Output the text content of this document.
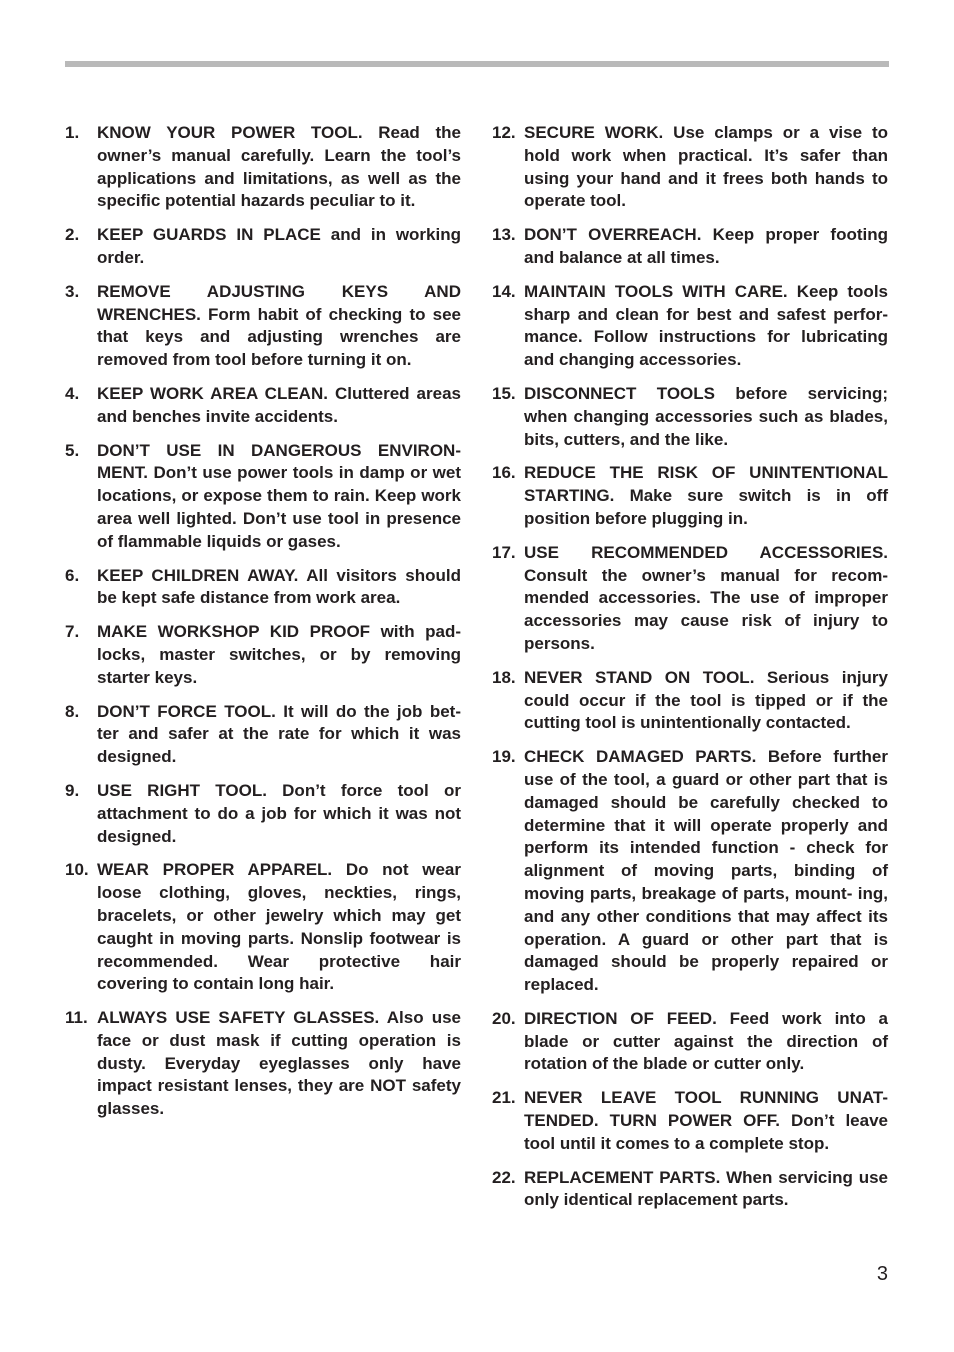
1.	KNOW YOUR POWER TOOL. Read the owner’s manual carefully. Learn the tool’s applications and limitations, as well as the specific potential hazards peculiar to it.
2.	KEEP GUARDS IN PLACE and in working order.
3.	REMOVE ADJUSTING KEYS AND WRENCHES. Form habit of checking to see that keys and adjusting wrenches are removed from tool before turning it on.
4.	KEEP WORK AREA CLEAN. Cluttered areas and benches invite accidents.
5.	DON’T USE IN DANGEROUS ENVIRON- MENT. Don’t use power tools in damp or wet locations, or expose them to rain. Keep work area well lighted. Don’t use tool in presence of flammable liquids or gases.
6.	KEEP CHILDREN AWAY. All visitors should be kept safe distance from work area.
7.	MAKE WORKSHOP KID PROOF with pad- locks, master switches, or by removing starter keys.
8.	DON’T FORCE TOOL. It will do the job bet- ter and safer at the rate for which it was designed.
9.	USE RIGHT TOOL. Don’t force tool or attachment to do a job for which it was not designed.
10. WEAR PROPER APPAREL. Do not wear loose clothing, gloves, neckties, rings, bracelets, or other jewelry which may get caught in moving parts. Nonslip footwear is recommended. Wear protective hair covering to contain long hair.
11. ALWAYS USE SAFETY GLASSES. Also use face or dust mask if cutting operation is dusty. Everyday eyeglasses only have impact resistant lenses, they are NOT safety glasses.
12. SECURE WORK. Use clamps or a vise to hold work when practical. It’s safer than using your hand and it frees both hands to operate tool.
13. DON’T OVERREACH. Keep proper footing and balance at all times.
14. MAINTAIN TOOLS WITH CARE. Keep tools sharp and clean for best and safest perfor- mance. Follow instructions for lubricating and changing accessories.
15. DISCONNECT TOOLS before servicing; when changing accessories such as blades, bits, cutters, and the like.
16. REDUCE THE RISK OF UNINTENTIONAL STARTING. Make sure switch is in off position before plugging in.
17. USE RECOMMENDED ACCESSORIES. Consult the owner’s manual for recom- mended accessories. The use of improper accessories may cause risk of injury to persons.
18. NEVER STAND ON TOOL. Serious injury could occur if the tool is tipped or if the cutting tool is unintentionally contacted.
19. CHECK DAMAGED PARTS. Before further use of the tool, a guard or other part that is damaged should be carefully checked to determine that it will operate properly and perform its intended function - check for alignment of moving parts, binding of moving parts, breakage of parts, mount- ing, and any other conditions that may affect its operation. A guard or other part that is damaged should be properly repaired or replaced.
20. DIRECTION OF FEED. Feed work into a blade or cutter against the direction of rotation of the blade or cutter only.
21. NEVER LEAVE TOOL RUNNING UNAT- TENDED. TURN POWER OFF. Don’t leave tool until it comes to a complete stop.
22. REPLACEMENT PARTS. When servicing use only identical replacement parts.
3
